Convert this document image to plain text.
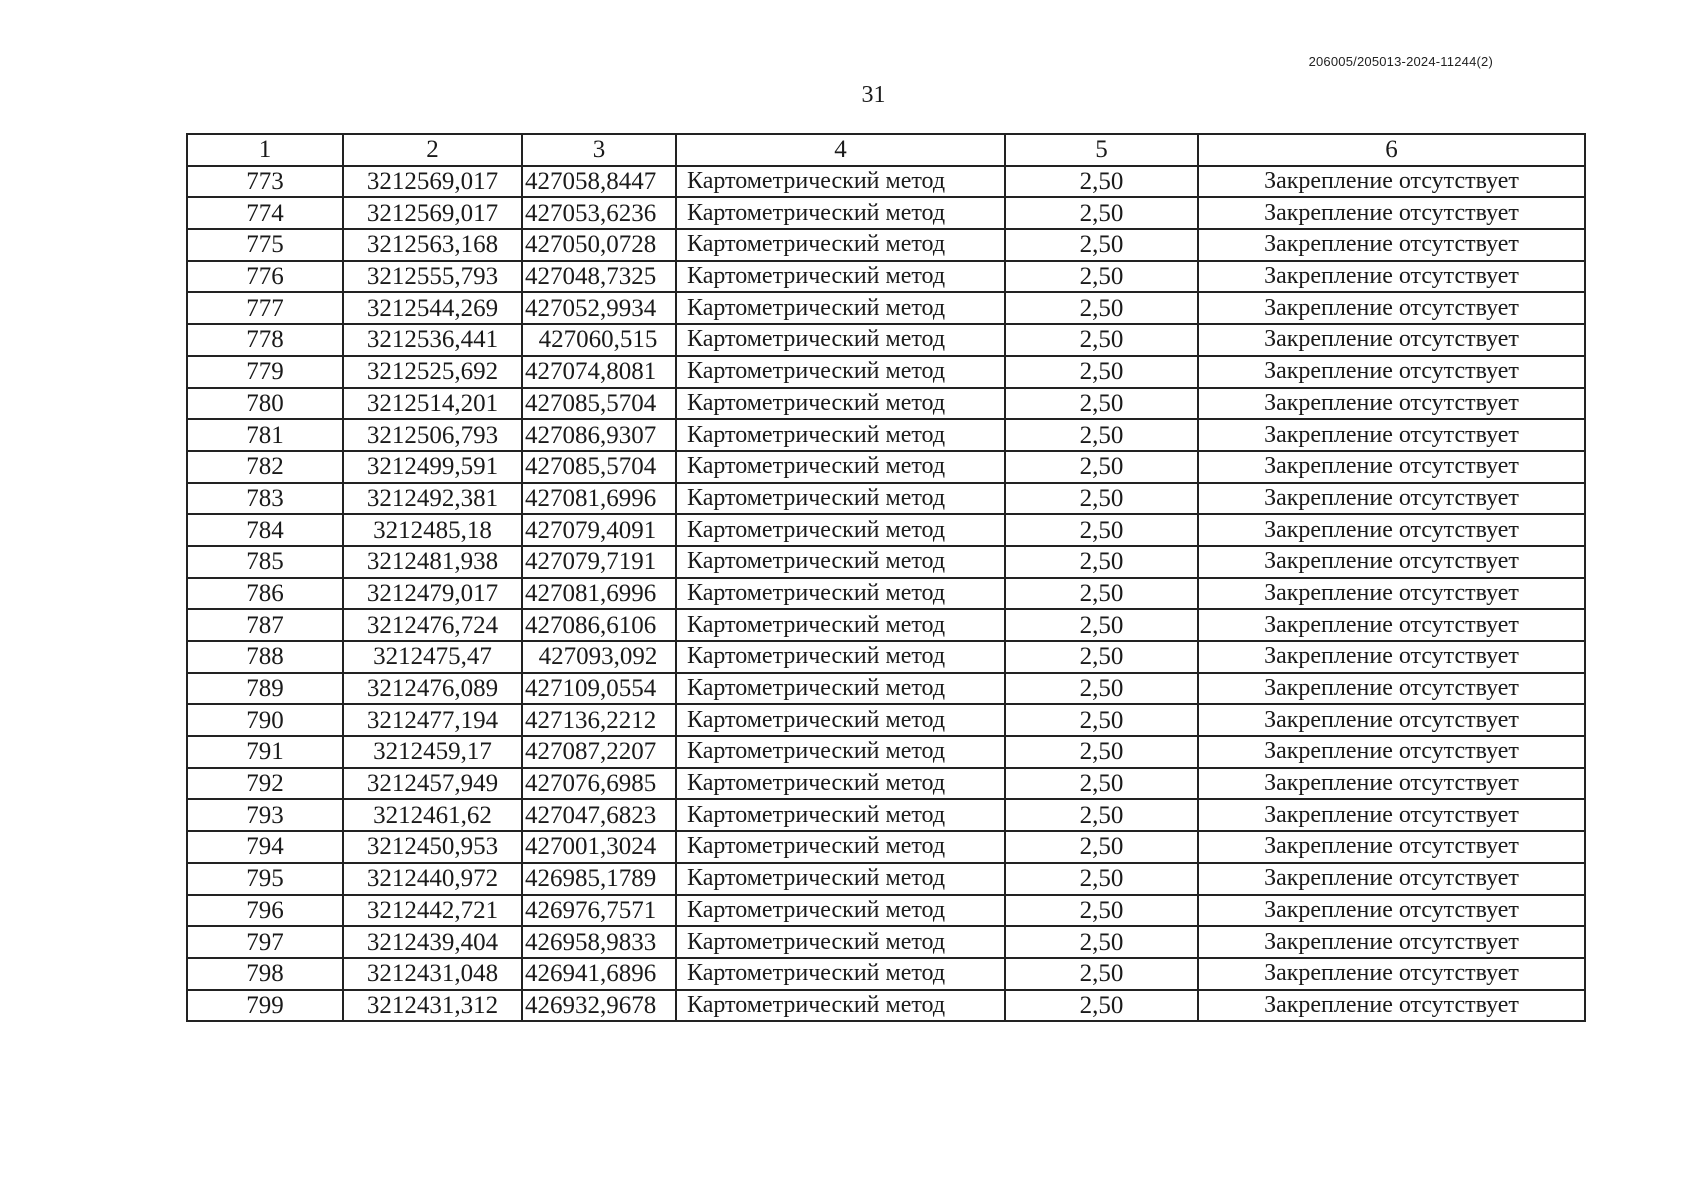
206005/205013-2024-11244(2)
31
1	2	3	4	5	6
773	3212569,017	427058,8447	Картометрический метод	2,50	Закрепление отсутствует
774	3212569,017	427053,6236	Картометрический метод	2,50	Закрепление отсутствует
775	3212563,168	427050,0728	Картометрический метод	2,50	Закрепление отсутствует
776	3212555,793	427048,7325	Картометрический метод	2,50	Закрепление отсутствует
777	3212544,269	427052,9934	Картометрический метод	2,50	Закрепление отсутствует
778	3212536,441	427060,515	Картометрический метод	2,50	Закрепление отсутствует
779	3212525,692	427074,8081	Картометрический метод	2,50	Закрепление отсутствует
780	3212514,201	427085,5704	Картометрический метод	2,50	Закрепление отсутствует
781	3212506,793	427086,9307	Картометрический метод	2,50	Закрепление отсутствует
782	3212499,591	427085,5704	Картометрический метод	2,50	Закрепление отсутствует
783	3212492,381	427081,6996	Картометрический метод	2,50	Закрепление отсутствует
784	3212485,18	427079,4091	Картометрический метод	2,50	Закрепление отсутствует
785	3212481,938	427079,7191	Картометрический метод	2,50	Закрепление отсутствует
786	3212479,017	427081,6996	Картометрический метод	2,50	Закрепление отсутствует
787	3212476,724	427086,6106	Картометрический метод	2,50	Закрепление отсутствует
788	3212475,47	427093,092	Картометрический метод	2,50	Закрепление отсутствует
789	3212476,089	427109,0554	Картометрический метод	2,50	Закрепление отсутствует
790	3212477,194	427136,2212	Картометрический метод	2,50	Закрепление отсутствует
791	3212459,17	427087,2207	Картометрический метод	2,50	Закрепление отсутствует
792	3212457,949	427076,6985	Картометрический метод	2,50	Закрепление отсутствует
793	3212461,62	427047,6823	Картометрический метод	2,50	Закрепление отсутствует
794	3212450,953	427001,3024	Картометрический метод	2,50	Закрепление отсутствует
795	3212440,972	426985,1789	Картометрический метод	2,50	Закрепление отсутствует
796	3212442,721	426976,7571	Картометрический метод	2,50	Закрепление отсутствует
797	3212439,404	426958,9833	Картометрический метод	2,50	Закрепление отсутствует
798	3212431,048	426941,6896	Картометрический метод	2,50	Закрепление отсутствует
799	3212431,312	426932,9678	Картометрический метод	2,50	Закрепление отсутствует
